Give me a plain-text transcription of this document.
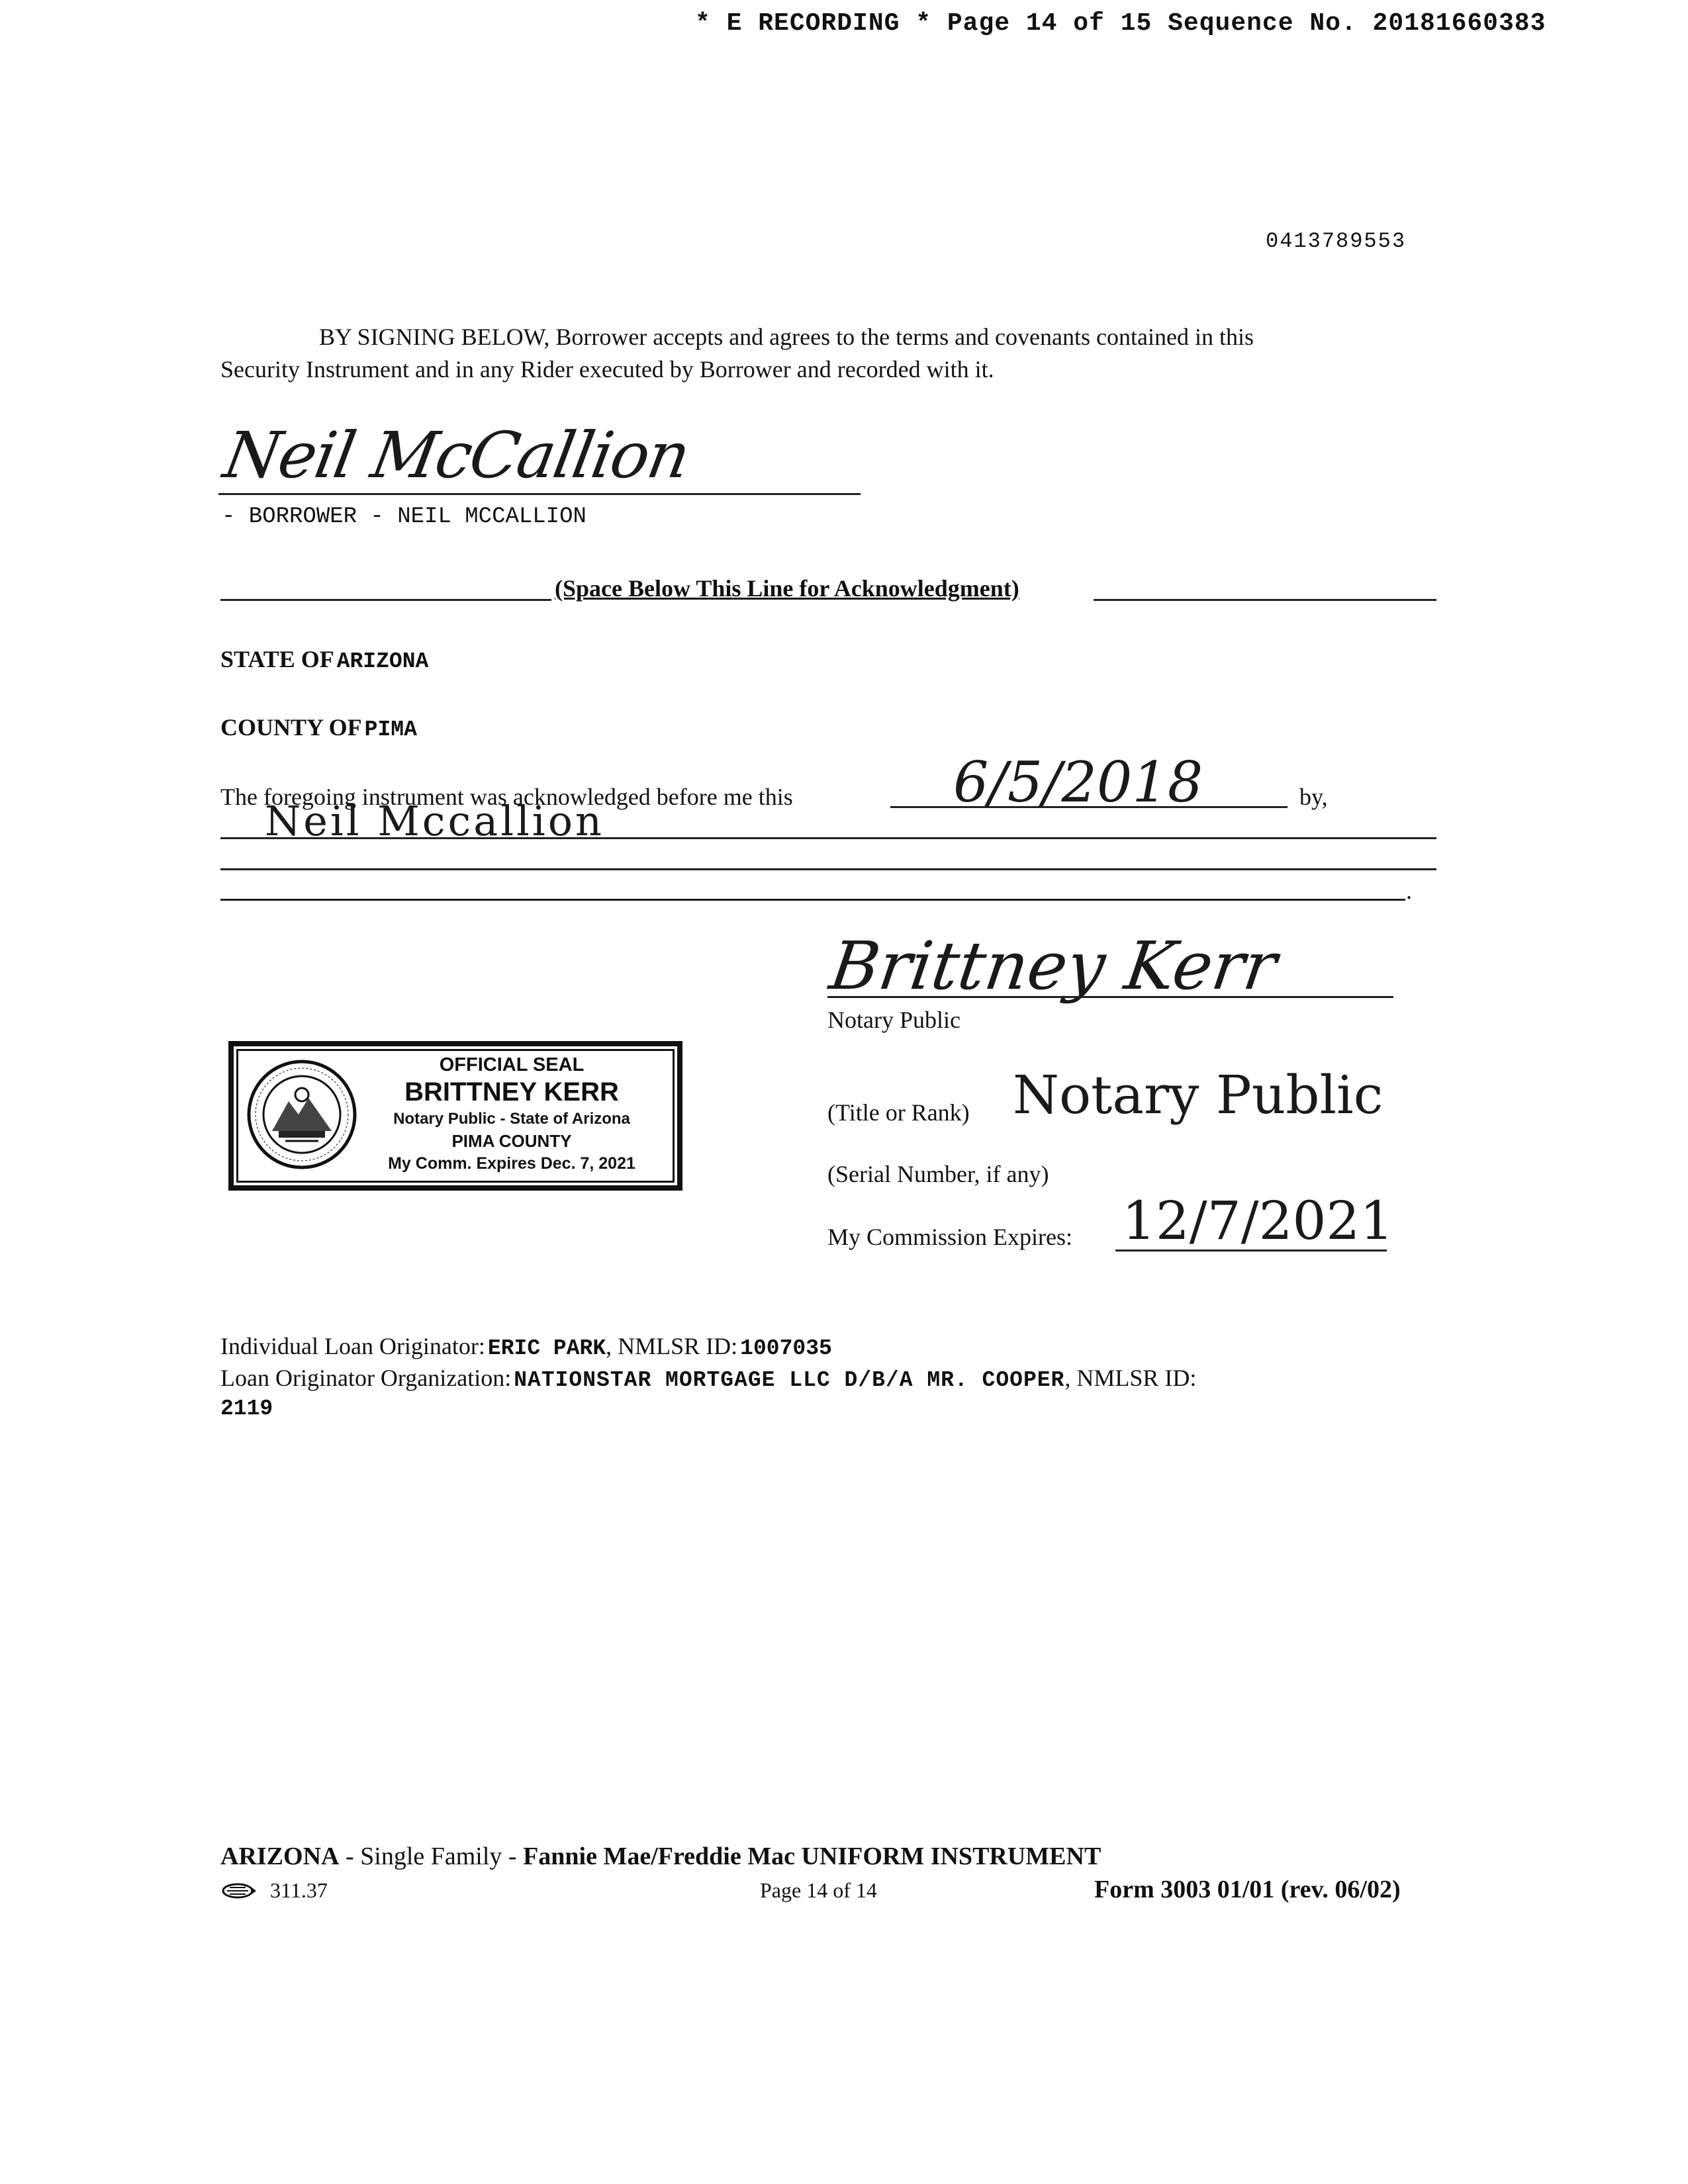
* E RECORDING * Page 14 of 15 Sequence No. 20181660383
0413789553
BY SIGNING BELOW, Borrower accepts and agrees to the terms and covenants contained in this
Security Instrument and in any Rider executed by Borrower and recorded with it.
Neil McCallion
- BORROWER - NEIL MCCALLION
(Space Below This Line for Acknowledgment)
STATE OF ARIZONA
COUNTY OF PIMA
The foregoing instrument was acknowledged before me this	6/5/2018	by,
Neil Mccallion
.
Brittney Kerr
Notary Public
OFFICIAL SEAL
BRITTNEY KERR
Notary Public - State of Arizona
PIMA COUNTY
My Comm. Expires Dec. 7, 2021
(Title or Rank) Notary Public
(Serial Number, if any)
My Commission Expires: 12/7/2021
Individual Loan Originator: ERIC PARK, NMLSR ID: 1007035
Loan Originator Organization: NATIONSTAR MORTGAGE LLC D/B/A MR. COOPER, NMLSR ID:
2119
ARIZONA - Single Family - Fannie Mae/Freddie Mac UNIFORM INSTRUMENT
311.37	Page 14 of 14	Form 3003 01/01 (rev. 06/02)
